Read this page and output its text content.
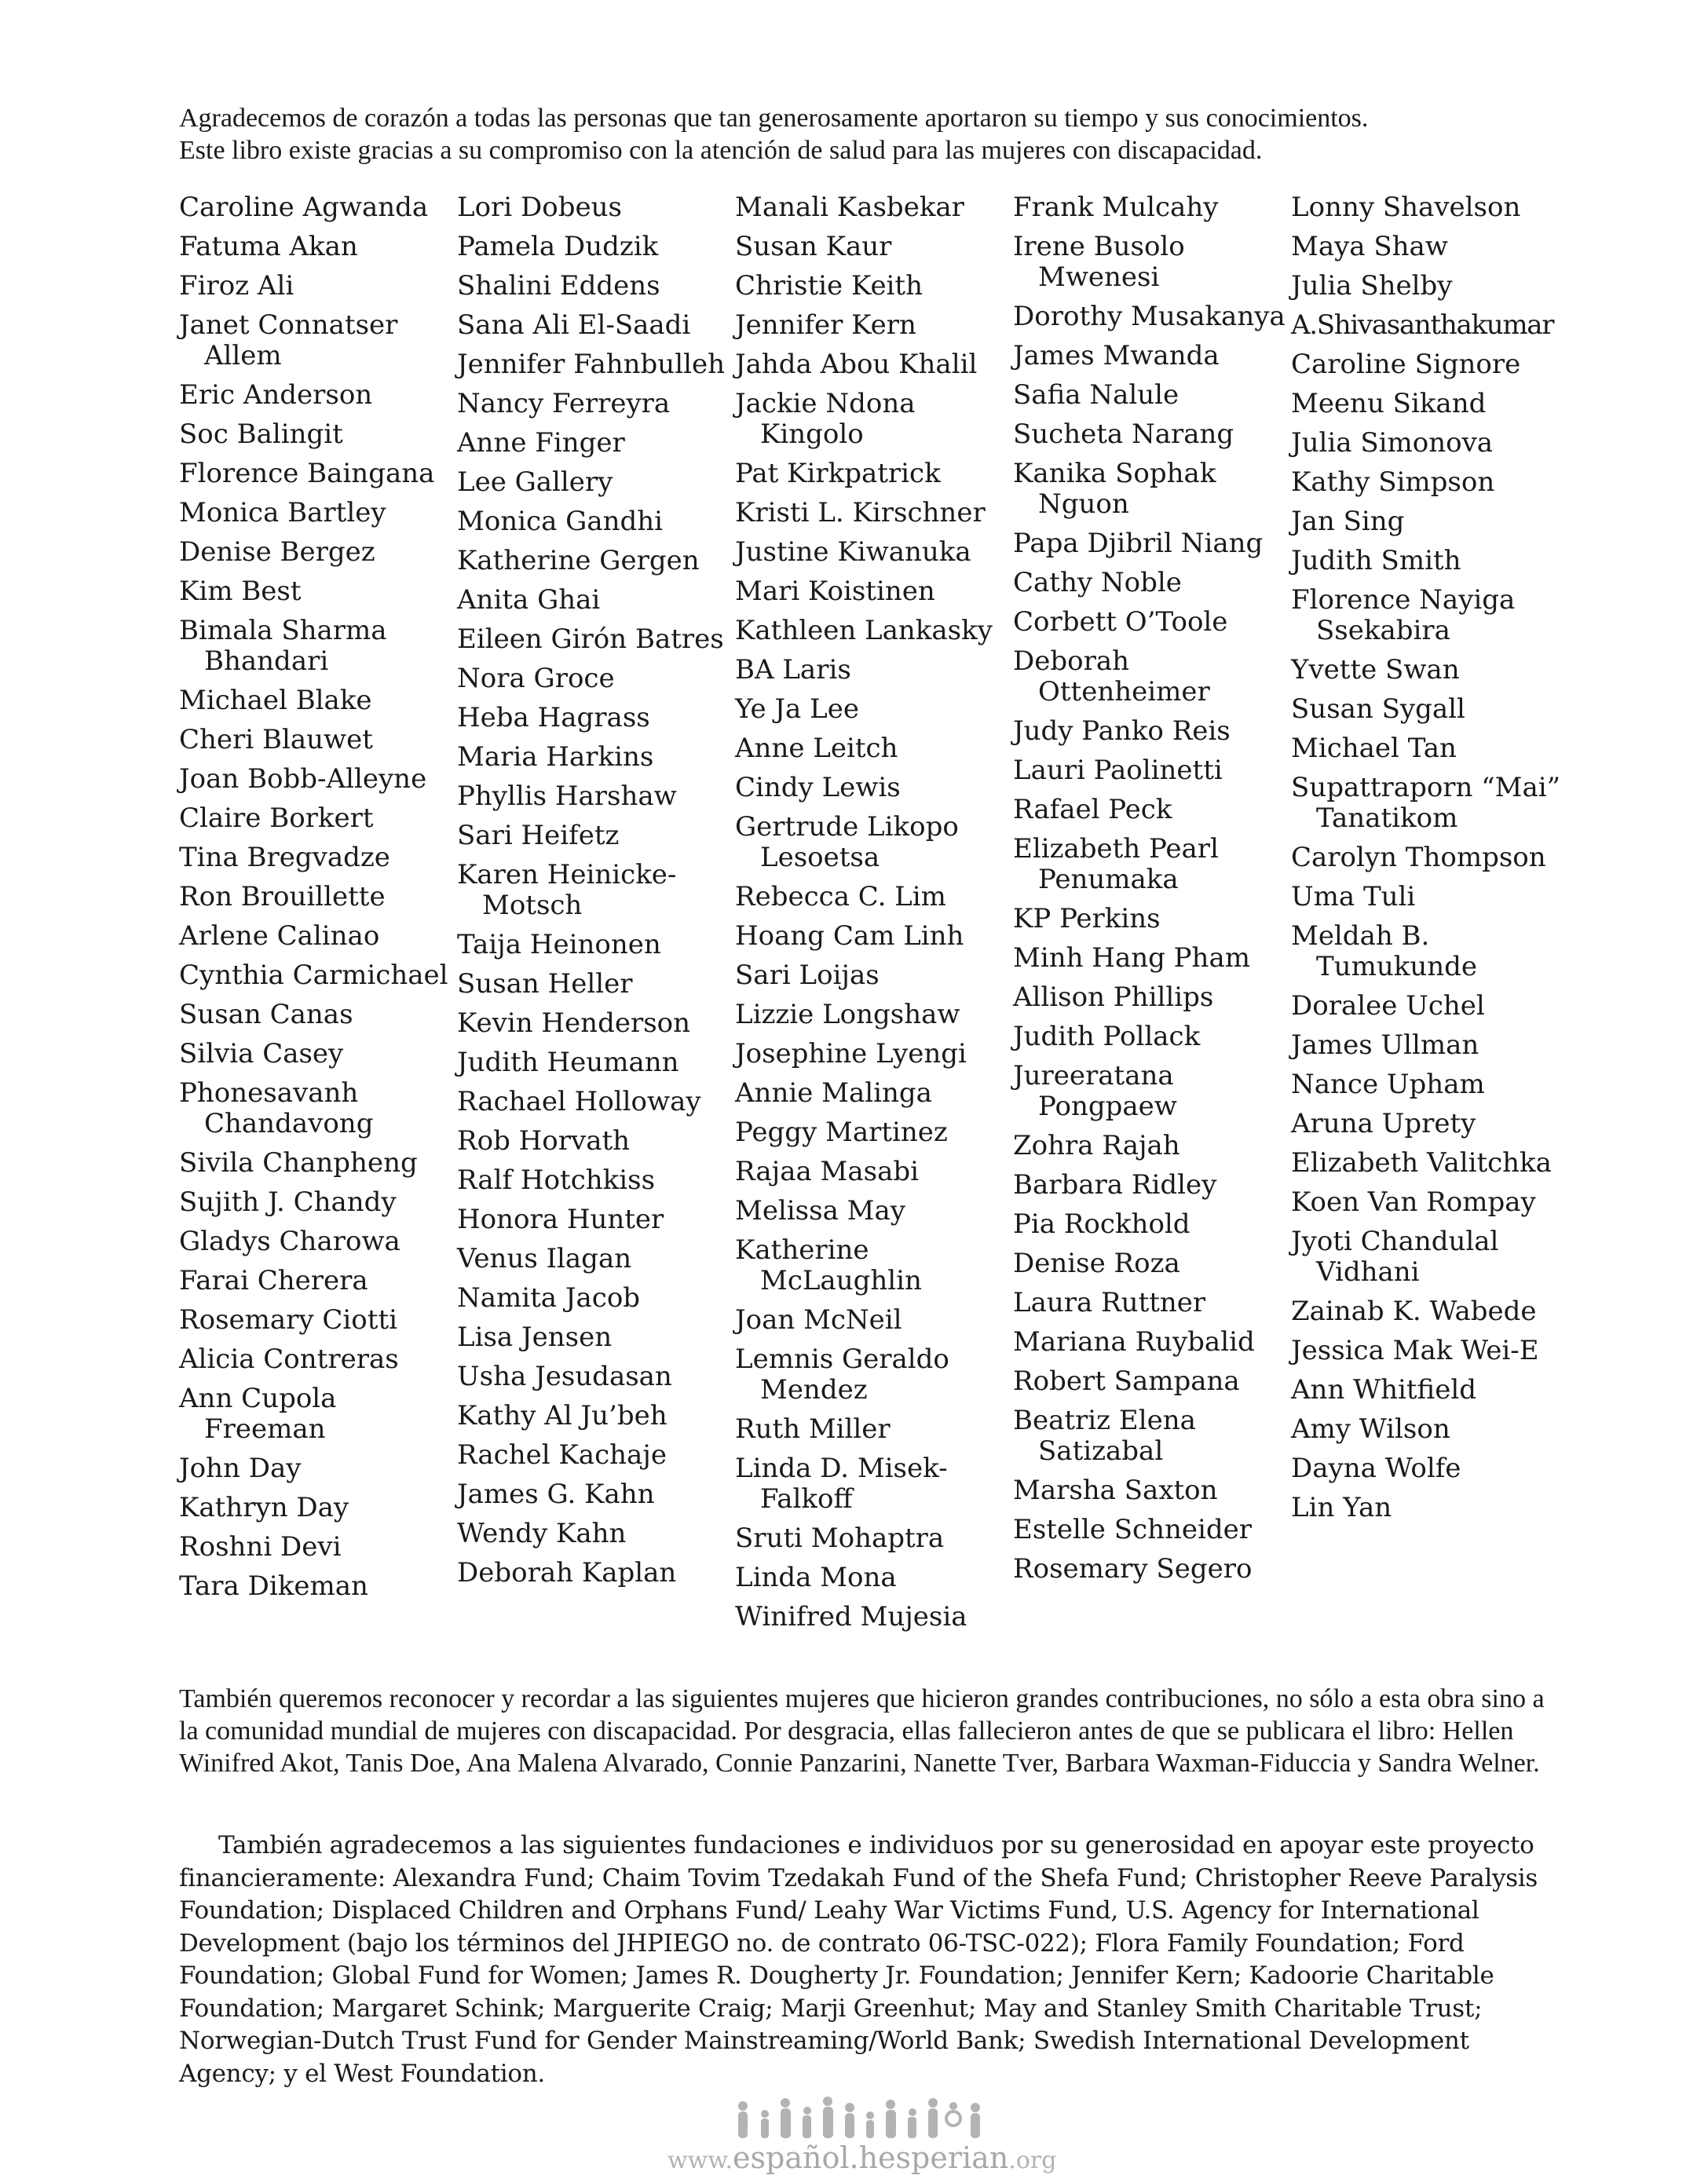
Agradecemos de corazón a todas las personas que tan generosamente aportaron su tiempo y sus conocimientos.

Este libro existe gracias a su compromiso con la atención de salud para las mujeres con discapacidad.

Caroline Agwanda
Fatuma Akan
Firoz Ali
Janet Connatser Allem
Eric Anderson
Soc Balingit
Florence Baingana
Monica Bartley
Denise Bergez
Kim Best
Bimala Sharma Bhandari
Michael Blake
Cheri Blauwet
Joan Bobb-Alleyne
Claire Borkert
Tina Bregvadze
Ron Brouillette
Arlene Calinao
Cynthia Carmichael
Susan Canas
Silvia Casey
Phonesavanh Chandavong
Sivila Chanpheng
Sujith J. Chandy
Gladys Charowa
Farai Cherera
Rosemary Ciotti
Alicia Contreras
Ann Cupola Freeman
John Day
Kathryn Day
Roshni Devi
Tara Dikeman
Lori Dobeus
Pamela Dudzik
Shalini Eddens
Sana Ali El-Saadi
Jennifer Fahnbulleh
Nancy Ferreyra
Anne Finger
Lee Gallery
Monica Gandhi
Katherine Gergen
Anita Ghai
Eileen Girón Batres
Nora Groce
Heba Hagrass
Maria Harkins
Phyllis Harshaw
Sari Heifetz
Karen Heinicke-Motsch
Taija Heinonen
Susan Heller
Kevin Henderson
Judith Heumann
Rachael Holloway
Rob Horvath
Ralf Hotchkiss
Honora Hunter
Venus Ilagan
Namita Jacob
Lisa Jensen
Usha Jesudasan
Kathy Al Ju’beh
Rachel Kachaje
James G. Kahn
Wendy Kahn
Deborah Kaplan
Manali Kasbekar
Susan Kaur
Christie Keith
Jennifer Kern
Jahda Abou Khalil
Jackie Ndona Kingolo
Pat Kirkpatrick
Kristi L. Kirschner
Justine Kiwanuka
Mari Koistinen
Kathleen Lankasky
BA Laris
Ye Ja Lee
Anne Leitch
Cindy Lewis
Gertrude Likopo Lesoetsa
Rebecca C. Lim
Hoang Cam Linh
Sari Loijas
Lizzie Longshaw
Josephine Lyengi
Annie Malinga
Peggy Martinez
Rajaa Masabi
Melissa May
Katherine McLaughlin
Joan McNeil
Lemnis Geraldo Mendez
Ruth Miller
Linda D. Misek-Falkoff
Sruti Mohaptra
Linda Mona
Winifred Mujesia
Frank Mulcahy
Irene Busolo Mwenesi
Dorothy Musakanya
James Mwanda
Safia Nalule
Sucheta Narang
Kanika Sophak Nguon
Papa Djibril Niang
Cathy Noble
Corbett O’Toole
Deborah Ottenheimer
Judy Panko Reis
Lauri Paolinetti
Rafael Peck
Elizabeth Pearl Penumaka
KP Perkins
Minh Hang Pham
Allison Phillips
Judith Pollack
Jureeratana Pongpaew
Zohra Rajah
Barbara Ridley
Pia Rockhold
Denise Roza
Laura Ruttner
Mariana Ruybalid
Robert Sampana
Beatriz Elena Satizabal
Marsha Saxton
Estelle Schneider
Rosemary Segero
Lonny Shavelson
Maya Shaw
Julia Shelby
A.Shivasanthakumar
Caroline Signore
Meenu Sikand
Julia Simonova
Kathy Simpson
Jan Sing
Judith Smith
Florence Nayiga Ssekabira
Yvette Swan
Susan Sygall
Michael Tan
Supattraporn “Mai” Tanatikom
Carolyn Thompson
Uma Tuli
Meldah B. Tumukunde
Doralee Uchel
James Ullman
Nance Upham
Aruna Uprety
Elizabeth Valitchka
Koen Van Rompay
Jyoti Chandulal Vidhani
Zainab K. Wabede
Jessica Mak Wei-E
Ann Whitfield
Amy Wilson
Dayna Wolfe
Lin Yan

También queremos reconocer y recordar a las siguientes mujeres que hicieron grandes contribuciones, no sólo a esta obra sino a la comunidad mundial de mujeres con discapacidad. Por desgracia, ellas fallecieron antes de que se publicara el libro: Hellen Winifred Akot, Tanis Doe, Ana Malena Alvarado, Connie Panzarini, Nanette Tver, Barbara Waxman-Fiduccia y Sandra Welner.

También agradecemos a las siguientes fundaciones e individuos por su generosidad en apoyar este proyecto financieramente: Alexandra Fund; Chaim Tovim Tzedakah Fund of the Shefa Fund; Christopher Reeve Paralysis Foundation; Displaced Children and Orphans Fund/ Leahy War Victims Fund, U.S. Agency for International Development (bajo los términos del JHPIEGO no. de contrato 06-TSC-022); Flora Family Foundation; Ford Foundation; Global Fund for Women; James R. Dougherty Jr. Foundation; Jennifer Kern; Kadoorie Charitable Foundation; Margaret Schink; Marguerite Craig; Marji Greenhut; May and Stanley Smith Charitable Trust; Norwegian-Dutch Trust Fund for Gender Mainstreaming/World Bank; Swedish International Development Agency; y el West Foundation.

www.español.hesperian.org
